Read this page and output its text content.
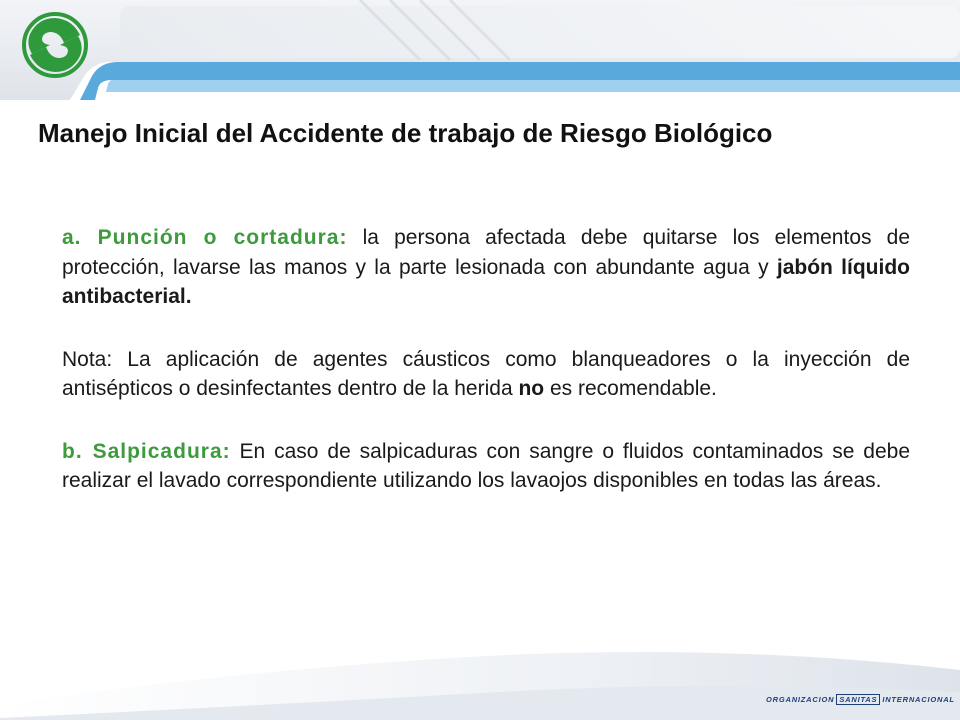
Manejo Inicial del Accidente de trabajo de Riesgo Biológico

a. Punción o cortadura: la persona afectada debe quitarse los elementos de protección, lavarse las manos y la parte lesionada con abundante agua y jabón líquido antibacterial.

Nota: La aplicación de agentes cáusticos como blanqueadores o la inyección de antisépticos o desinfectantes dentro de la herida no es recomendable.

b. Salpicadura: En caso de salpicaduras con sangre o fluidos contaminados se debe realizar el lavado correspondiente utilizando los lavaojos disponibles en todas las áreas.

ORGANIZACION SANITAS INTERNACIONAL
